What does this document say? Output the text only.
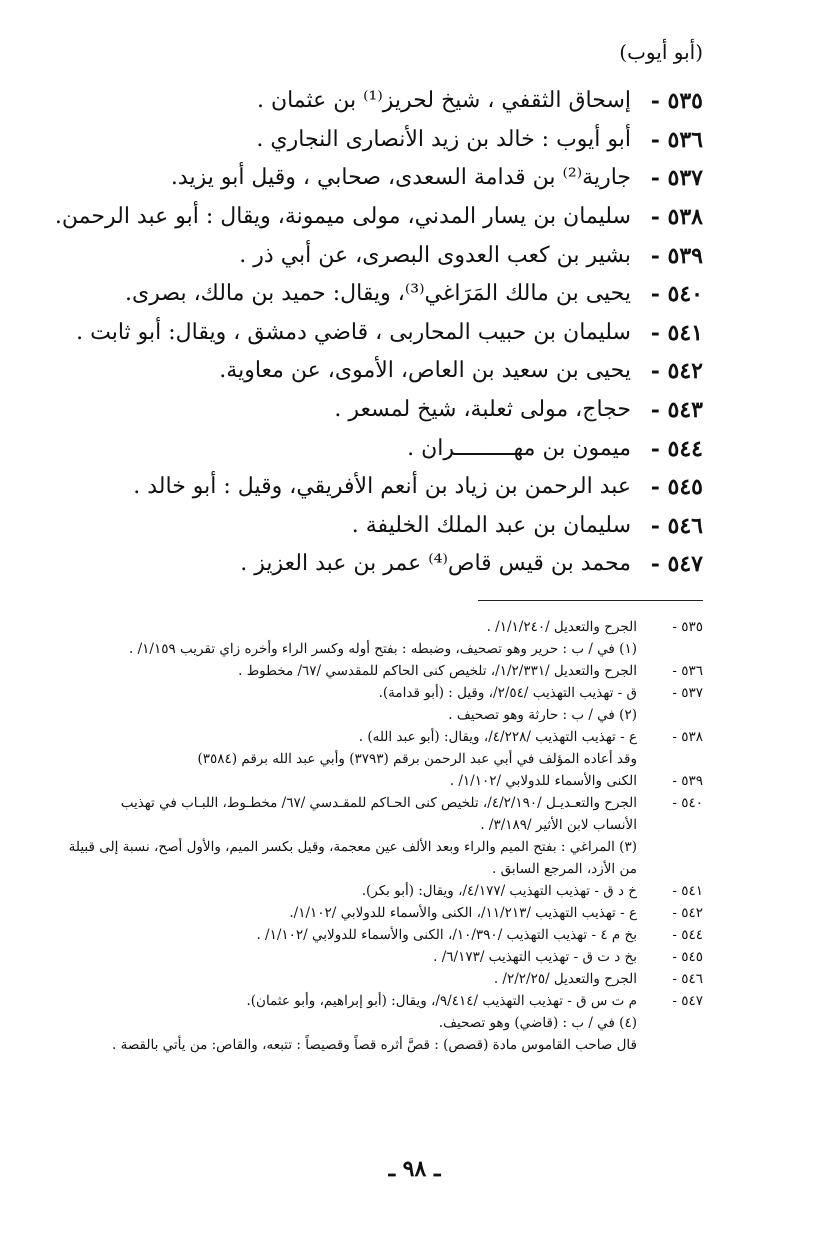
(أبو أيوب)
٥٣٥ -
إسحاق الثقفي ، شيخ لحريز⁽¹⁾ بن عثمان .
٥٣٦ -
أبو أيوب : خالد بن زيد الأنصارى النجاري .
٥٣٧ -
جارية⁽²⁾ بن قدامة السعدى، صحابي ، وقيل أبو يزيد.
٥٣٨ -
سليمان بن يسار المدني، مولى ميمونة، ويقال : أبو عبد الرحمن.
٥٣٩ -
بشير بن كعب العدوى البصرى، عن أبي ذر .
٥٤٠ -
يحيى بن مالك المَرَاغي⁽³⁾، ويقال: حميد بن مالك، بصرى.
٥٤١ -
سليمان بن حبيب المحاربى ، قاضي دمشق ، ويقال: أبو ثابت .
٥٤٢ -
يحيى بن سعيد بن العاص، الأموى، عن معاوية.
٥٤٣ -
حجاج، مولى ثعلبة، شيخ لمسعر .
٥٤٤ -
ميمون بن مهـــــــــران .
٥٤٥ -
عبد الرحمن بن زياد بن أنعم الأفريقي، وقيل : أبو خالد .
٥٤٦ -
سليمان بن عبد الملك الخليفة .
٥٤٧ -
محمد بن قيس قاص⁽⁴⁾ عمر بن عبد العزيز .
٥٣٥ -
الجرح والتعديل /١/١/٢٤٠/ .
(١) في / ب : حرير وهو تصحيف، وضبطه : بفتح أوله وكسر الراء وأخره زاي تقريب ١/١٥٩/ .
٥٣٦ -
الجرح والتعديل /١/٢/٣٣١/، تلخيص كنى الحاكم للمقدسي /٦٧/ مخطوط .
٥٣٧ -
ق - تهذيب التهذيب /٢/٥٤/، وقيل : (أبو قدامة).
(٢) في / ب : حارثة وهو تصحيف .
٥٣٨ -
ع - تهذيب التهذيب /٤/٢٢٨/، ويقال: (أبو عبد الله) .
وقد أعاده المؤلف في أبي عبد الرحمن برقم (٣٧٩٣) وأبي عبد الله برقم (٣٥٨٤)
٥٣٩ -
الكنى والأسماء للدولابي /١/١٠٢/ .
٥٤٠ -
الجرح والتعـديـل /٤/٢/١٩٠/، تلخيص كنى الحـاكم للمقـدسي /٦٧/ مخطـوط، اللبـاب في تهذيب
الأنساب لابن الأثير /٣/١٨٩/ .
(٣) المراغي : بفتح الميم والراء وبعد الألف عين معجمة، وقيل بكسر الميم، والأول أصح، نسبة إلى قبيلة
من الأزد، المرجع السابق .
٥٤١ -
خ د ق - تهذيب التهذيب /٤/١٧٧/، ويقال: (أبو بكر).
٥٤٢ -
ع - تهذيب التهذيب /١١/٢١٣/، الكنى والأسماء للدولابي /١/١٠٢/.
٥٤٤ -
بخ م ٤ - تهذيب التهذيب /١٠/٣٩٠/، الكنى والأسماء للدولابي /١/١٠٢/ .
٥٤٥ -
بخ د ت ق - تهذيب التهذيب /٦/١٧٣/ .
٥٤٦ -
الجرح والتعديل /٢/٢/٢٥/ .
٥٤٧ -
م ت س ق - تهذيب التهذيب /٩/٤١٤/، ويقال: (أبو إبراهيم، وأبو عثمان).
(٤) في / ب : (قاضي) وهو تصحيف.
قال صاحب القاموس مادة (قصص) : قصَّ أثره قصاً وقصيصاً : تتبعه، والقاص: من يأتي بالقصة .
ـ ٩٨ ـ
